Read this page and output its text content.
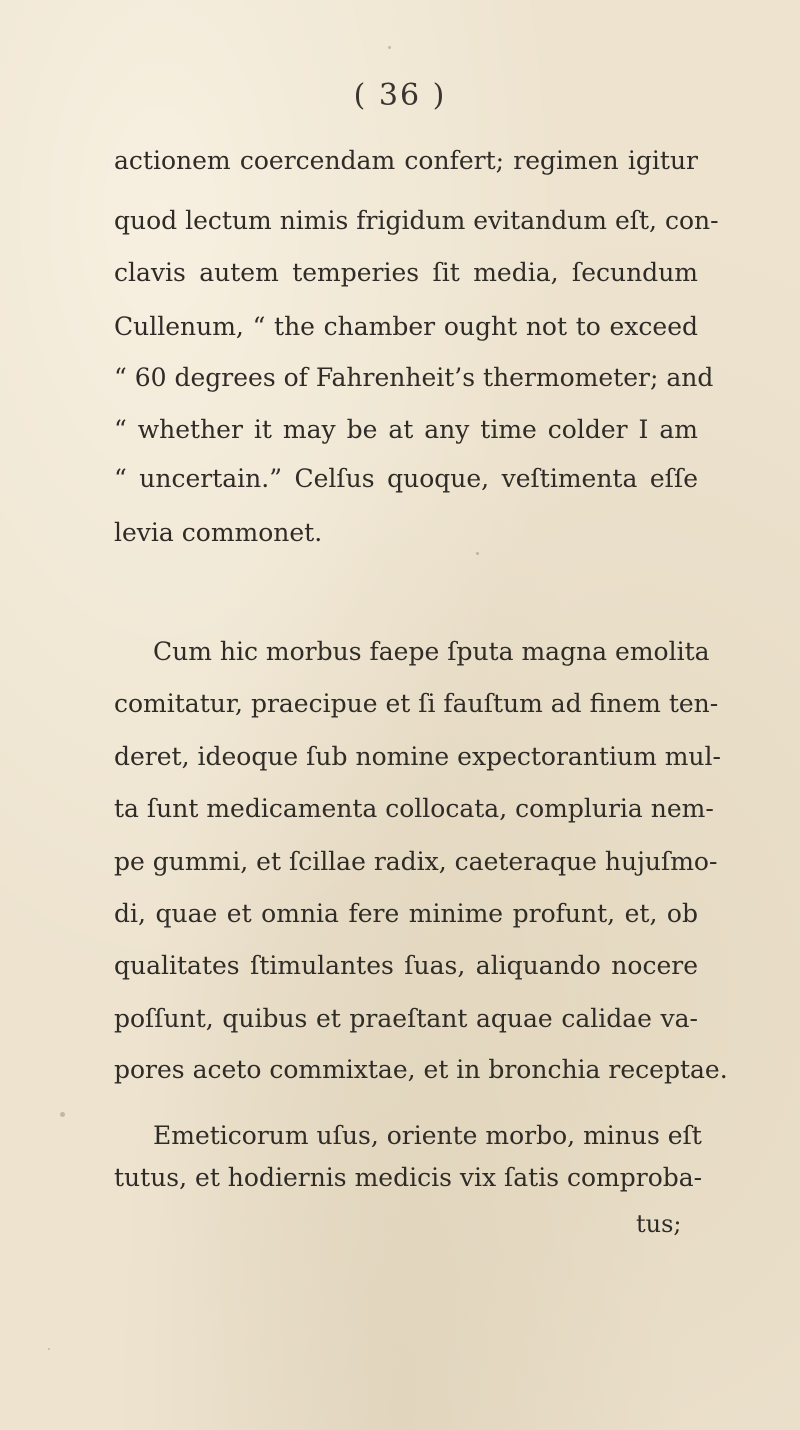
( 36 )
actionem coercendam confert; regimen igitur
quod lectum nimis frigidum evitandum eſt, con-
clavis autem temperies ſit media, ſecundum
Cullenum, “ the chamber ought not to exceed
“ 60 degrees of Fahrenheit’s thermometer; and
“ whether it may be at any time colder I am
“ uncertain.” Celſus quoque, veſtimenta eſſe
levia commonet.
Cum hic morbus faepe ſputa magna emolita
comitatur, praecipue et ſi fauſtum ad finem ten-
deret, ideoque ſub nomine expectorantium mul-
ta ſunt medicamenta collocata, compluria nem-
pe gummi, et ſcillae radix, caeteraque hujuſmo-
di, quae et omnia fere minime profunt, et, ob
qualitates ſtimulantes ſuas, aliquando nocere
poſſunt, quibus et praeſtant aquae calidae va-
pores aceto commixtae, et in bronchia receptae.
Emeticorum uſus, oriente morbo, minus eſt
tutus, et hodiernis medicis vix ſatis comproba-
tus;
